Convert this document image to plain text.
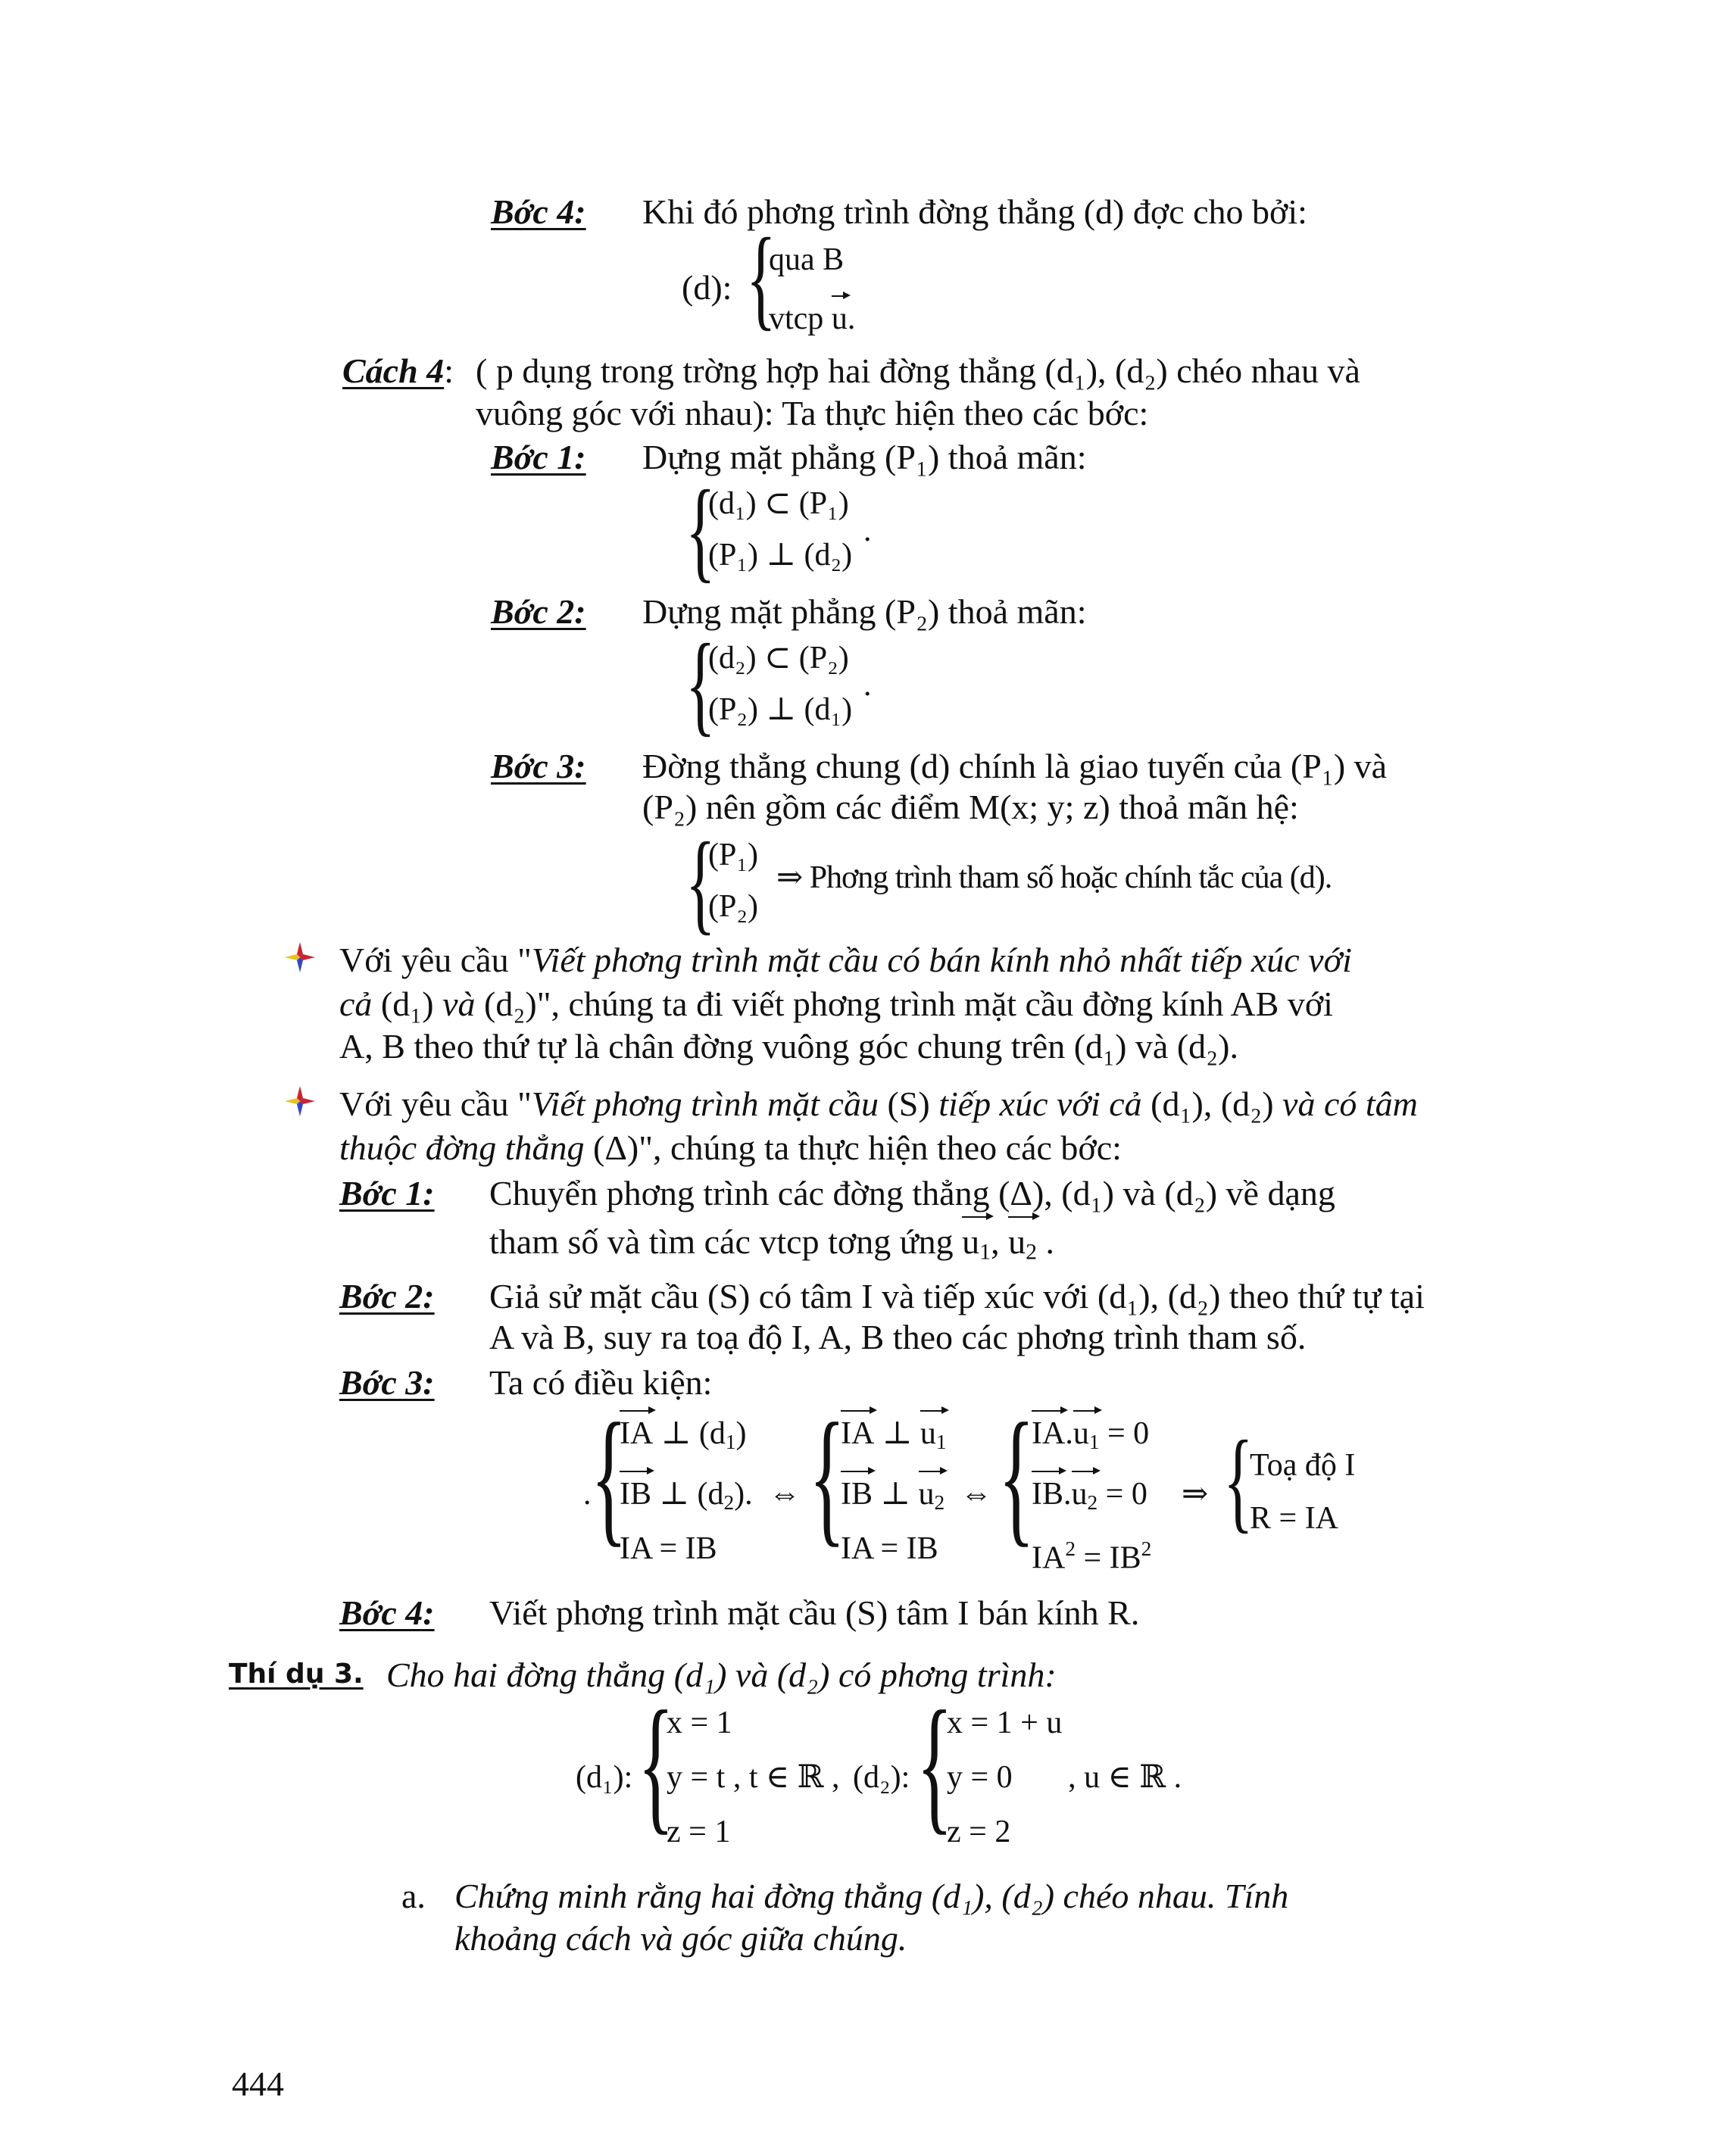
Bớc 4: Khi đó phơng trình đờng thẳng (d) đợc cho bởi:
(d): {
qua B
vtcp u.
Cách 4: ( p dụng trong trờng hợp hai đờng thẳng (d₁), (d₂) chéo nhau và
vuông góc với nhau): Ta thực hiện theo các bớc:
Bớc 1: Dựng mặt phẳng (P₁) thoả mãn:
{
(d₁) ⊂ (P₁)
(P₁) ⊥ (d₂)
.
Bớc 2: Dựng mặt phẳng (P₂) thoả mãn:
{
(d₂) ⊂ (P₂)
(P₂) ⊥ (d₁)
.
Bớc 3: Đờng thẳng chung (d) chính là giao tuyến của (P₁) và
(P₂) nên gồm các điểm M(x; y; z) thoả mãn hệ:
{
(P₁)
(P₂)
⇒ Phơng trình tham số hoặc chính tắc của (d).
Với yêu cầu "Viết phơng trình mặt cầu có bán kính nhỏ nhất tiếp xúc với
cả (d₁) và (d₂)", chúng ta đi viết phơng trình mặt cầu đờng kính AB với
A, B theo thứ tự là chân đờng vuông góc chung trên (d₁) và (d₂).
Với yêu cầu "Viết phơng trình mặt cầu (S) tiếp xúc với cả (d₁), (d₂) và có tâm
thuộc đờng thẳng (Δ)", chúng ta thực hiện theo các bớc:
Bớc 1: Chuyển phơng trình các đờng thẳng (Δ), (d₁) và (d₂) về dạng
tham số và tìm các vtcp tơng ứng $u_1$, $u_2$ .
Bớc 2: Giả sử mặt cầu (S) có tâm I và tiếp xúc với (d₁), (d₂) theo thứ tự tại
A và B, suy ra toạ độ I, A, B theo các phơng trình tham số.
Bớc 3: Ta có điều kiện:
. {
IA ⊥ $(d_1)$
IB ⊥ $(d_2)$.
IA = IB
⇔ {
IA ⊥ $u_1$
IB ⊥ $u_2$
IA = IB
⇔ {
$IA.u_1 = 0$
$IB.u_2 = 0$
$IA^2 = IB^2$
⇒ {
Toạ độ I
R = IA
Bớc 4: Viết phơng trình mặt cầu (S) tâm I bán kính R.
Thí dụ 3. Cho hai đờng thẳng (d₁) và (d₂) có phơng trình:
(d₁): {
x = 1
y = t , t ∈ ℝ ,
z = 1
(d₂): {
x = 1 + u
y = 0       , u ∈ ℝ .
z = 2
a. Chứng minh rằng hai đờng thẳng (d₁), (d₂) chéo nhau. Tính
khoảng cách và góc giữa chúng.
444
